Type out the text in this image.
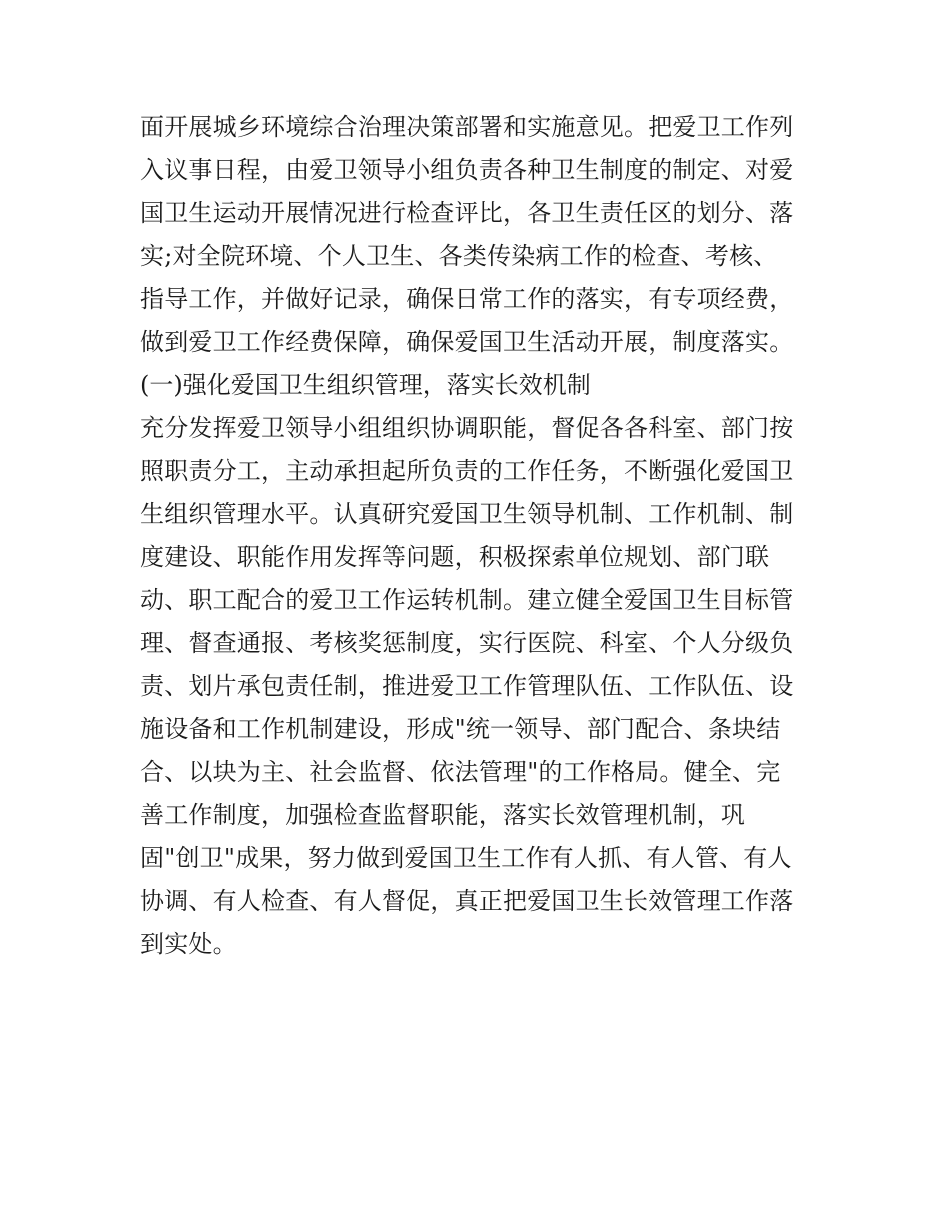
面开展城乡环境综合治理决策部署和实施意见。把爱卫工作列
入议事日程，由爱卫领导小组负责各种卫生制度的制定、对爱
国卫生运动开展情况进行检查评比，各卫生责任区的划分、落
实;对全院环境、个人卫生、各类传染病工作的检查、考核、
指导工作，并做好记录，确保日常工作的落实，有专项经费，
做到爱卫工作经费保障，确保爱国卫生活动开展，制度落实。
(一)强化爱国卫生组织管理，落实长效机制
充分发挥爱卫领导小组组织协调职能，督促各各科室、部门按
照职责分工，主动承担起所负责的工作任务，不断强化爱国卫
生组织管理水平。认真研究爱国卫生领导机制、工作机制、制
度建设、职能作用发挥等问题，积极探索单位规划、部门联
动、职工配合的爱卫工作运转机制。建立健全爱国卫生目标管
理、督查通报、考核奖惩制度，实行医院、科室、个人分级负
责、划片承包责任制，推进爱卫工作管理队伍、工作队伍、设
施设备和工作机制建设，形成"统一领导、部门配合、条块结
合、以块为主、社会监督、依法管理"的工作格局。健全、完
善工作制度，加强检查监督职能，落实长效管理机制，巩
固"创卫"成果，努力做到爱国卫生工作有人抓、有人管、有人
协调、有人检查、有人督促，真正把爱国卫生长效管理工作落
到实处。
